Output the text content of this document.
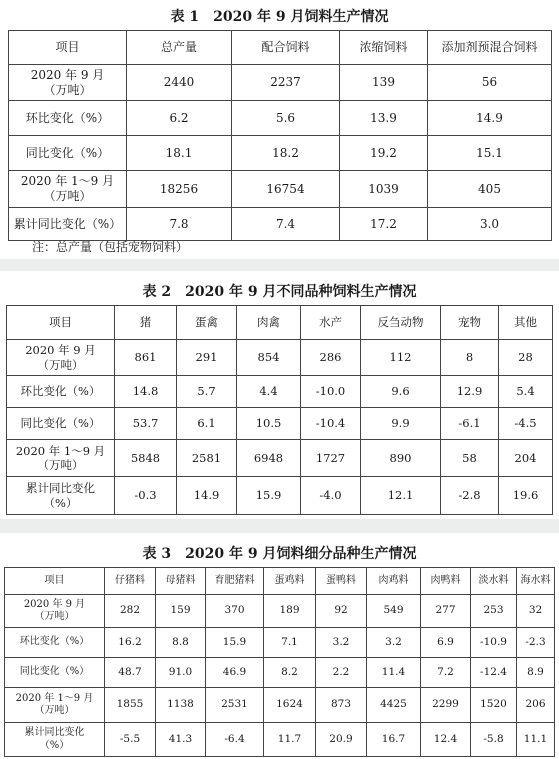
表 1　2020 年 9 月饲料生产情况
项目	总产量	配合饲料	浓缩饲料	添加剂预混合饲料

2020 年 9 月
（万吨）	2440	2237	139	56
环比变化（%）	6.2	5.6	13.9	14.9
同比变化（%）	18.1	18.2	19.2	15.1

2020 年 1～9 月
（万吨）	18256	16754	1039	405
累计同比变化（%）	7.8	7.4	17.2	3.0
注：总产量（包括宠物饲料）
表 2　2020 年 9 月不同品种饲料生产情况
项目	猪	蛋禽	肉禽	水产	反刍动物	宠物	其他

2020 年 9 月
（万吨）	861	291	854	286	112	8	28
环比变化（%）	14.8	5.7	4.4	-10.0	9.6	12.9	5.4
同比变化（%）	53.7	6.1	10.5	-10.4	9.9	-6.1	-4.5

2020 年 1～9 月
（万吨）	5848	2581	6948	1727	890	58	204

累计同比变化
（%）	-0.3	14.9	15.9	-4.0	12.1	-2.8	19.6
表 3　2020 年 9 月饲料细分品种生产情况
项目	仔猪料	母猪料	育肥猪料	蛋鸡料	蛋鸭料	肉鸡料	肉鸭料	淡水料	海水料

2020 年 9 月
（万吨）	282	159	370	189	92	549	277	253	32
环比变化（%）	16.2	8.8	15.9	7.1	3.2	3.2	6.9	-10.9	-2.3
同比变化（%）	48.7	91.0	46.9	8.2	2.2	11.4	7.2	-12.4	8.9

2020 年 1～9 月
（万吨）	1855	1138	2531	1624	873	4425	2299	1520	206

累计同比变化
（%）	-5.5	41.3	-6.4	11.7	20.9	16.7	12.4	-5.8	11.1
